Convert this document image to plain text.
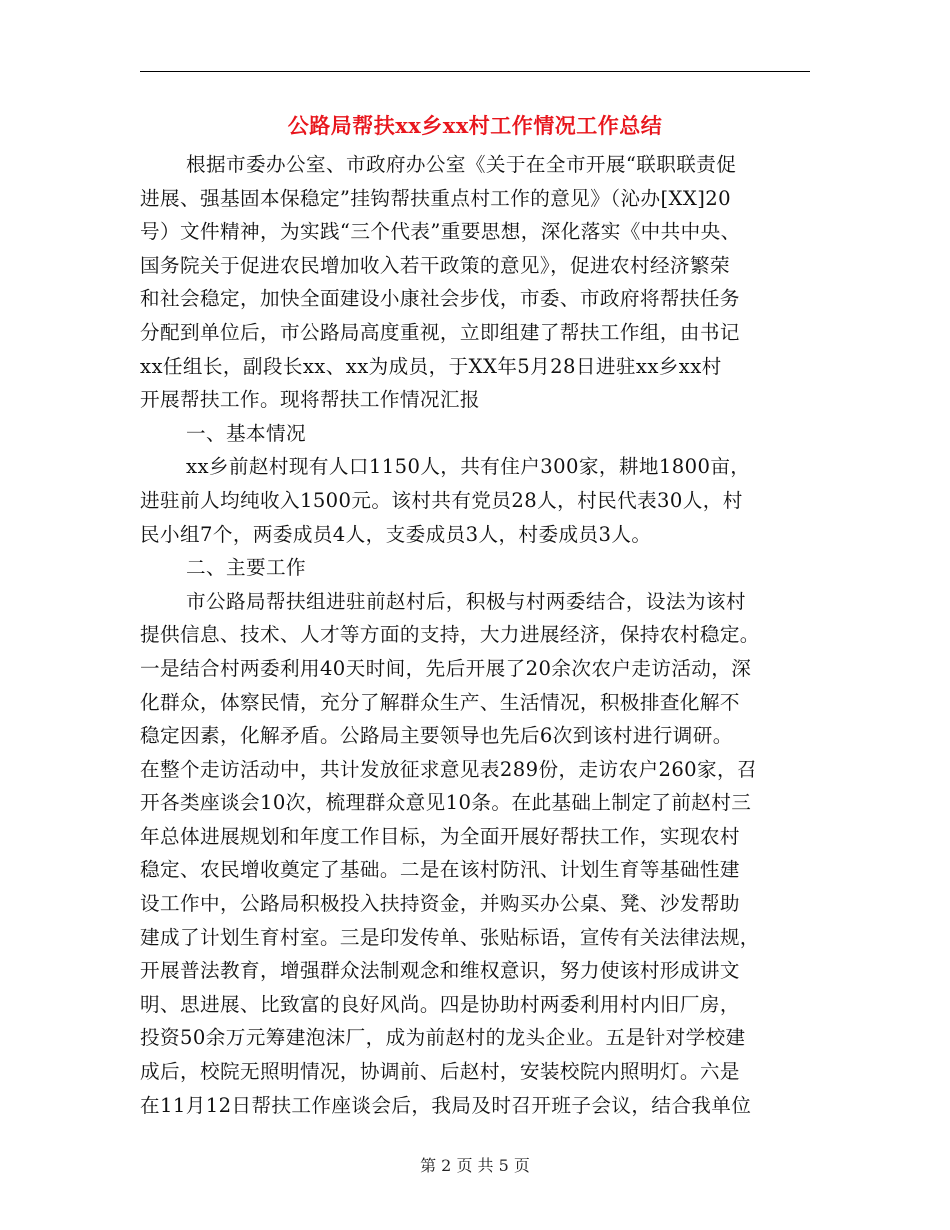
公路局帮扶xx乡xx村工作情况工作总结
根据市委办公室、市政府办公室《关于在全市开展“联职联责促
进展、强基固本保稳定”挂钩帮扶重点村工作的意见》（沁办[XX]20
号）文件精神，为实践“三个代表”重要思想，深化落实《中共中央、
国务院关于促进农民增加收入若干政策的意见》，促进农村经济繁荣
和社会稳定，加快全面建设小康社会步伐，市委、市政府将帮扶任务
分配到单位后，市公路局高度重视，立即组建了帮扶工作组，由书记
xx任组长，副段长xx、xx为成员，于XX年5月28日进驻xx乡xx村
开展帮扶工作。现将帮扶工作情况汇报
一、基本情况
xx乡前赵村现有人口1150人，共有住户300家，耕地1800亩，
进驻前人均纯收入1500元。该村共有党员28人，村民代表30人，村
民小组7个，两委成员4人，支委成员3人，村委成员3人。
二、主要工作
市公路局帮扶组进驻前赵村后，积极与村两委结合，设法为该村
提供信息、技术、人才等方面的支持，大力进展经济，保持农村稳定。
一是结合村两委利用40天时间，先后开展了20余次农户走访活动，深
化群众，体察民情，充分了解群众生产、生活情况，积极排查化解不
稳定因素，化解矛盾。公路局主要领导也先后6次到该村进行调研。
在整个走访活动中，共计发放征求意见表289份，走访农户260家，召
开各类座谈会10次，梳理群众意见10条。在此基础上制定了前赵村三
年总体进展规划和年度工作目标，为全面开展好帮扶工作，实现农村
稳定、农民增收奠定了基础。二是在该村防汛、计划生育等基础性建
设工作中，公路局积极投入扶持资金，并购买办公桌、凳、沙发帮助
建成了计划生育村室。三是印发传单、张贴标语，宣传有关法律法规，
开展普法教育，增强群众法制观念和维权意识，努力使该村形成讲文
明、思进展、比致富的良好风尚。四是协助村两委利用村内旧厂房，
投资50余万元筹建泡沫厂，成为前赵村的龙头企业。五是针对学校建
成后，校院无照明情况，协调前、后赵村，安装校院内照明灯。六是
在11月12日帮扶工作座谈会后，我局及时召开班子会议，结合我单位
第 2 页 共 5 页
